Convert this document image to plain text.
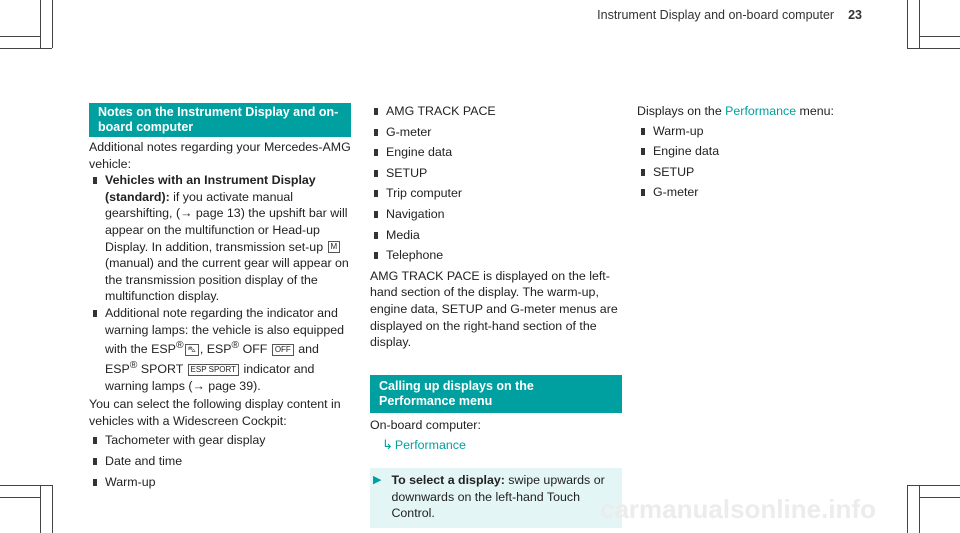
Instrument Display and on-board computer 23
Notes on the Instrument Display and on-board computer

Additional notes regarding your Mercedes-AMG vehicle:

Vehicles with an Instrument Display (standard): if you activate manual gearshifting, (→ page 13) the upshift bar will appear on the multifunction or Head-up Display. In addition, transmission set-up M (manual) and the current gear will appear on the transmission position display of the multifunction display.
Additional note regarding the indicator and warning lamps: the vehicle is also equipped with the ESP® ⛍ , ESP® OFF OFF and ESP® SPORT ESP SPORT indicator and warning lamps (→ page 39).

You can select the following display content in vehicles with a Widescreen Cockpit:

Tachometer with gear display
Date and time
Warm-up
AMG TRACK PACE
G-meter
Engine data
SETUP
Trip computer
Navigation
Media
Telephone

AMG TRACK PACE is displayed on the left-hand section of the display. The warm-up, engine data, SETUP and G-meter menus are displayed on the right-hand section of the display.

Calling up displays on the Performance menu

On-board computer:

↳ Performance
▶ To select a display: swipe upwards or downwards on the left-hand Touch Control.

Displays on the Performance menu:

Warm-up
Engine data
SETUP
G-meter
carmanualsonline.info
